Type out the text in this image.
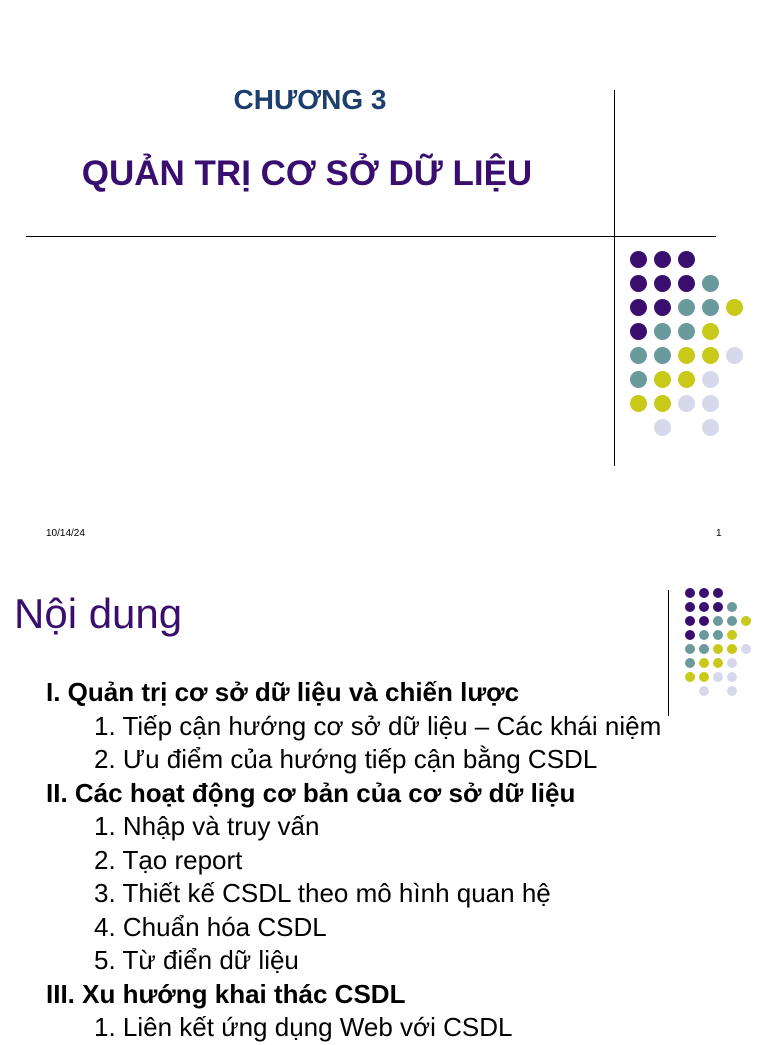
CHƯƠNG 3
QUẢN TRỊ CƠ SỞ DỮ LIỆU
10/14/24	1
Nội dung
I. Quản trị cơ sở dữ liệu và chiến lược
1. Tiếp cận hướng cơ sở dữ liệu – Các khái niệm
2. Ưu điểm của hướng tiếp cận bằng CSDL
II. Các hoạt động cơ bản của cơ sở dữ liệu
1. Nhập và truy vấn
2. Tạo report
3. Thiết kế CSDL theo mô hình quan hệ
4. Chuẩn hóa CSDL
5. Từ điển dữ liệu
III. Xu hướng khai thác CSDL
1. Liên kết ứng dụng Web với CSDL
